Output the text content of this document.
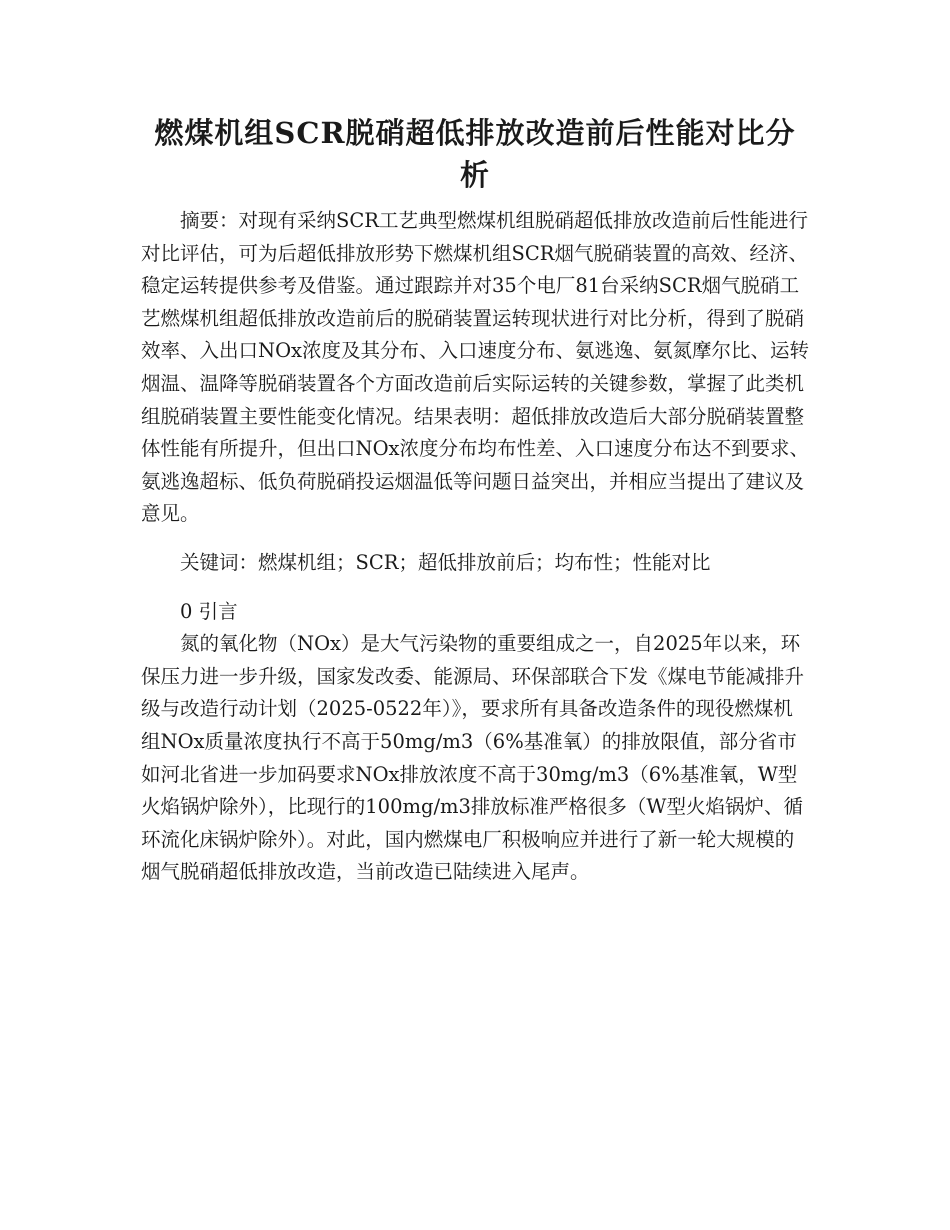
燃煤机组SCR脱硝超低排放改造前后性能对比分析

摘要：对现有采纳SCR工艺典型燃煤机组脱硝超低排放改造前后性能进行对比评估，可为后超低排放形势下燃煤机组SCR烟气脱硝装置的高效、经济、稳定运转提供参考及借鉴。通过跟踪并对35个电厂81台采纳SCR烟气脱硝工艺燃煤机组超低排放改造前后的脱硝装置运转现状进行对比分析，得到了脱硝效率、入出口NOx浓度及其分布、入口速度分布、氨逃逸、氨氮摩尔比、运转烟温、温降等脱硝装置各个方面改造前后实际运转的关键参数，掌握了此类机组脱硝装置主要性能变化情况。结果表明：超低排放改造后大部分脱硝装置整体性能有所提升，但出口NOx浓度分布均布性差、入口速度分布达不到要求、氨逃逸超标、低负荷脱硝投运烟温低等问题日益突出，并相应当提出了建议及意见。

关键词：燃煤机组；SCR；超低排放前后；均布性；性能对比

0 引言

氮的氧化物（NOx）是大气污染物的重要组成之一，自2025年以来，环保压力进一步升级，国家发改委、能源局、环保部联合下发《煤电节能减排升级与改造行动计划（2025-0522年）》，要求所有具备改造条件的现役燃煤机组NOx质量浓度执行不高于50mg/m3（6%基准氧）的排放限值，部分省市如河北省进一步加码要求NOx排放浓度不高于30mg/m3（6%基准氧，W型火焰锅炉除外），比现行的100mg/m3排放标准严格很多（W型火焰锅炉、循环流化床锅炉除外）。对此，国内燃煤电厂积极响应并进行了新一轮大规模的烟气脱硝超低排放改造，当前改造已陆续进入尾声。
